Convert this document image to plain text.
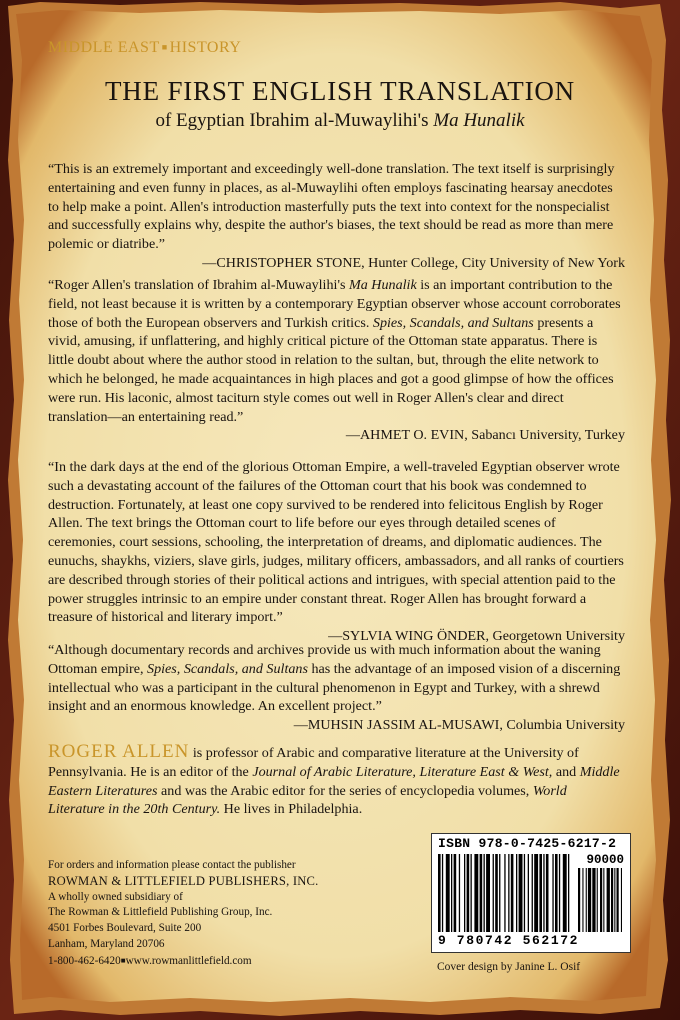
MIDDLE EAST ■ HISTORY
THE FIRST ENGLISH TRANSLATION
of Egyptian Ibrahim al-Muwaylihi's Ma Hunalik

“This is an extremely important and exceedingly well-done translation. The text itself is surprisingly entertaining and even funny in places, as al-Muwaylihi often employs fascinating hearsay anecdotes to help make a point. Allen's introduction masterfully puts the text into context for the nonspecialist and successfully explains why, despite the author's biases, the text should be read as more than mere polemic or diatribe.”

—CHRISTOPHER STONE, Hunter College, City University of New York

“Roger Allen's translation of Ibrahim al-Muwaylihi's Ma Hunalik is an important contribution to the field, not least because it is written by a contemporary Egyptian observer whose account corroborates those of both the European observers and Turkish critics. Spies, Scandals, and Sultans presents a vivid, amusing, if unflattering, and highly critical picture of the Ottoman state apparatus. There is little doubt about where the author stood in relation to the sultan, but, through the elite network to which he belonged, he made acquaintances in high places and got a good glimpse of how the offices were run. His laconic, almost taciturn style comes out well in Roger Allen's clear and direct translation—an entertaining read.”

—AHMET O. EVIN, Sabancı University, Turkey

“In the dark days at the end of the glorious Ottoman Empire, a well-traveled Egyptian observer wrote such a devastating account of the failures of the Ottoman court that his book was condemned to destruction. Fortunately, at least one copy survived to be rendered into felicitous English by Roger Allen. The text brings the Ottoman court to life before our eyes through detailed scenes of ceremonies, court sessions, schooling, the interpretation of dreams, and diplomatic audiences. The eunuchs, shaykhs, viziers, slave girls, judges, military officers, ambassadors, and all ranks of courtiers are described through stories of their political actions and intrigues, with special attention paid to the power struggles intrinsic to an empire under constant threat. Roger Allen has brought forward a treasure of historical and literary import.”

—SYLVIA WING ÖNDER, Georgetown University

“Although documentary records and archives provide us with much information about the waning Ottoman empire, Spies, Scandals, and Sultans has the advantage of an imposed vision of a discerning intellectual who was a participant in the cultural phenomenon in Egypt and Turkey, with a shrewd insight and an enormous knowledge. An excellent project.”

—MUHSIN JASSIM AL-MUSAWI, Columbia University

ROGER ALLEN is professor of Arabic and comparative literature at the University of Pennsylvania. He is an editor of the Journal of Arabic Literature, Literature East & West, and Middle Eastern Literatures and was the Arabic editor for the series of encyclopedia volumes, World Literature in the 20th Century. He lives in Philadelphia.
For orders and information please contact the publisher
ROWMAN & LITTLEFIELD PUBLISHERS, INC.
A wholly owned subsidiary of
The Rowman & Littlefield Publishing Group, Inc.
4501 Forbes Boulevard, Suite 200
Lanham, Maryland 20706
1-800-462-6420■www.rowmanlittlefield.com
ISBN 978-0-7425-6217-2
90000
9 780742 562172
Cover design by Janine L. Osif
